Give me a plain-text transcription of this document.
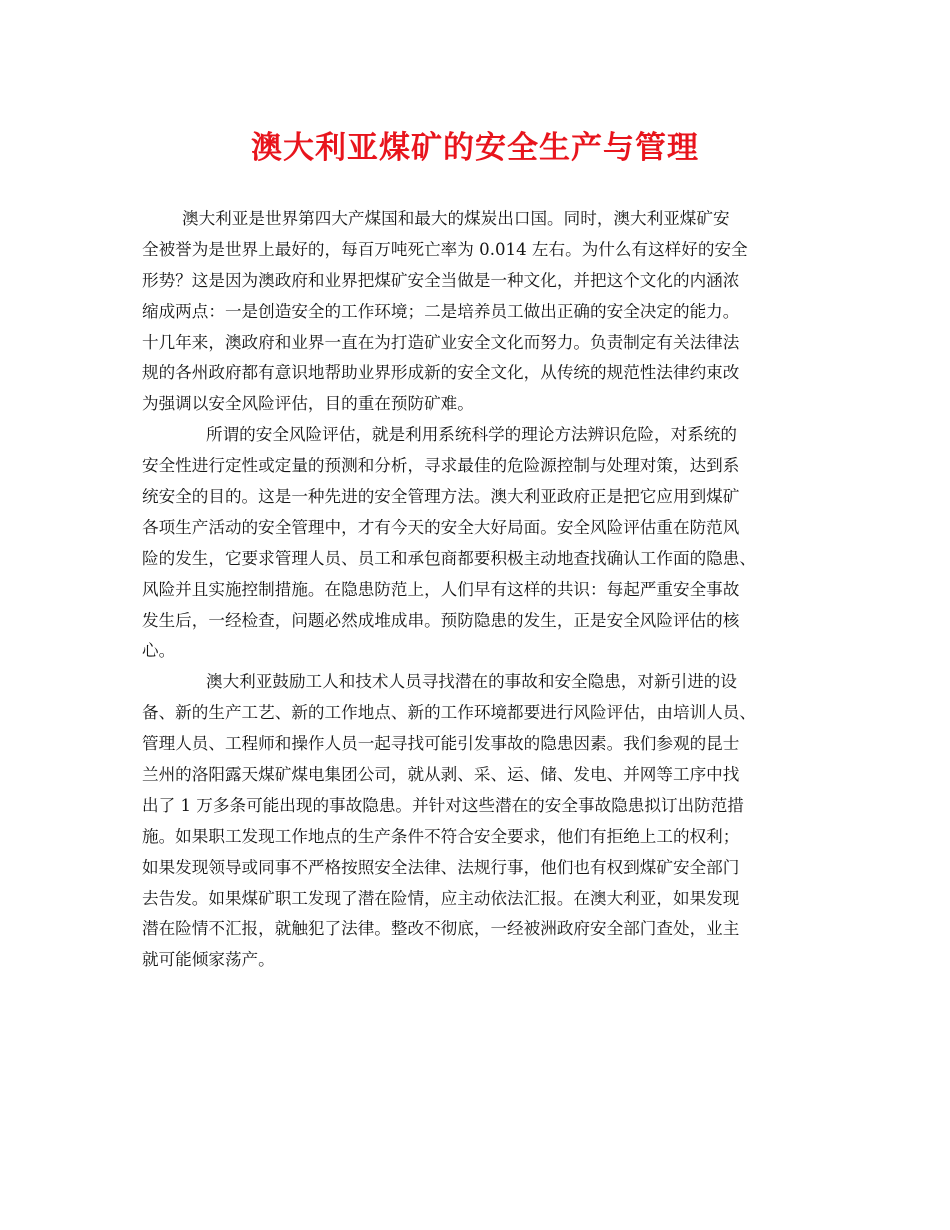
澳大利亚煤矿的安全生产与管理
澳大利亚是世界第四大产煤国和最大的煤炭出口国。同时，澳大利亚煤矿安
全被誉为是世界上最好的，每百万吨死亡率为 0.014 左右。为什么有这样好的安全
形势？这是因为澳政府和业界把煤矿安全当做是一种文化，并把这个文化的内涵浓
缩成两点：一是创造安全的工作环境；二是培养员工做出正确的安全决定的能力。
十几年来，澳政府和业界一直在为打造矿业安全文化而努力。负责制定有关法律法
规的各州政府都有意识地帮助业界形成新的安全文化，从传统的规范性法律约束改
为强调以安全风险评估，目的重在预防矿难。
所谓的安全风险评估，就是利用系统科学的理论方法辨识危险，对系统的
安全性进行定性或定量的预测和分析，寻求最佳的危险源控制与处理对策，达到系
统安全的目的。这是一种先进的安全管理方法。澳大利亚政府正是把它应用到煤矿
各项生产活动的安全管理中，才有今天的安全大好局面。安全风险评估重在防范风
险的发生，它要求管理人员、员工和承包商都要积极主动地查找确认工作面的隐患、
风险并且实施控制措施。在隐患防范上，人们早有这样的共识：每起严重安全事故
发生后，一经检查，问题必然成堆成串。预防隐患的发生，正是安全风险评估的核
心。
澳大利亚鼓励工人和技术人员寻找潜在的事故和安全隐患，对新引进的设
备、新的生产工艺、新的工作地点、新的工作环境都要进行风险评估，由培训人员、
管理人员、工程师和操作人员一起寻找可能引发事故的隐患因素。我们参观的昆士
兰州的洛阳露天煤矿煤电集团公司，就从剥、采、运、储、发电、并网等工序中找
出了 1 万多条可能出现的事故隐患。并针对这些潜在的安全事故隐患拟订出防范措
施。如果职工发现工作地点的生产条件不符合安全要求，他们有拒绝上工的权利；
如果发现领导或同事不严格按照安全法律、法规行事，他们也有权到煤矿安全部门
去告发。如果煤矿职工发现了潜在险情，应主动依法汇报。在澳大利亚，如果发现
潜在险情不汇报，就触犯了法律。整改不彻底，一经被洲政府安全部门查处，业主
就可能倾家荡产。
